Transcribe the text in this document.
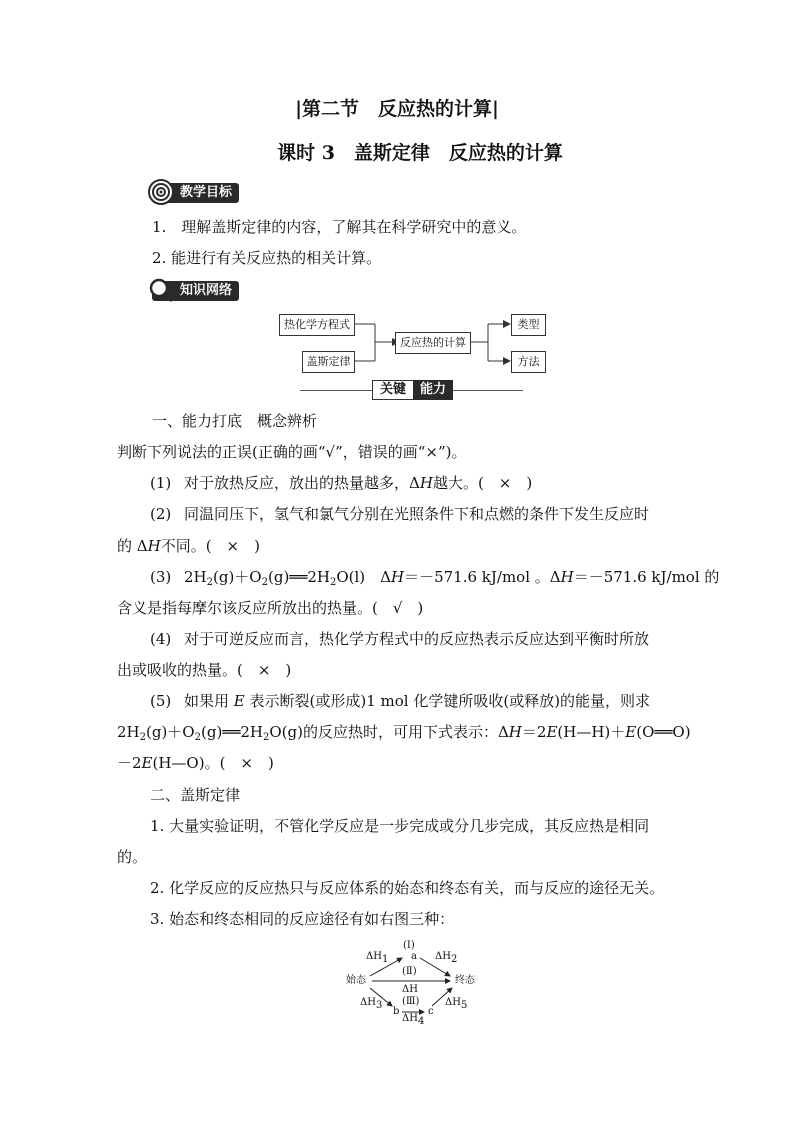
|第二节　反应热的计算|
课时 3　盖斯定律　反应热的计算
教学目标
1.　理解盖斯定律的内容，了解其在科学研究中的意义。
2. 能进行有关反应热的相关计算。
知识网络
热化学方程式
盖斯定律
反应热的计算
类型
方法
关键	能力
一、能力打底　概念辨析
判断下列说法的正误(正确的画“√”，错误的画“×”)。
(1) 对于放热反应，放出的热量越多，ΔH越大。(　×　)
(2) 同温同压下，氢气和氯气分别在光照条件下和点燃的条件下发生反应时
的 ΔH不同。(　×　)
(3) $2H_2(g)+O_2(g)══2H_2O(l)$　ΔH＝－571.6 kJ/mol 。ΔH＝－571.6 kJ/mol 的
含义是指每摩尔该反应所放出的热量。(　√　)
(4) 对于可逆反应而言，热化学方程式中的反应热表示反应达到平衡时所放
出或吸收的热量。(　×　)
(5) 如果用 E 表示断裂(或形成)1 mol 化学键所吸收(或释放)的能量，则求
$2H_2(g)+O_2(g)══2H_2O(g)$的反应热时，可用下式表示：ΔH＝2E(H—H)＋E(O══O)
－2E(H—O)。(　×　)
二、盖斯定律
1. 大量实验证明，不管化学反应是一步完成或分几步完成，其反应热是相同
的。
2. 化学反应的反应热只与反应体系的始态和终态有关，而与反应的途径无关。
3. 始态和终态相同的反应途径有如右图三种：
(Ⅰ)
a
ΔH1	ΔH2
(Ⅱ)
始态	终态
ΔH
(Ⅲ)
ΔH3	ΔH5
b	c
ΔH4
